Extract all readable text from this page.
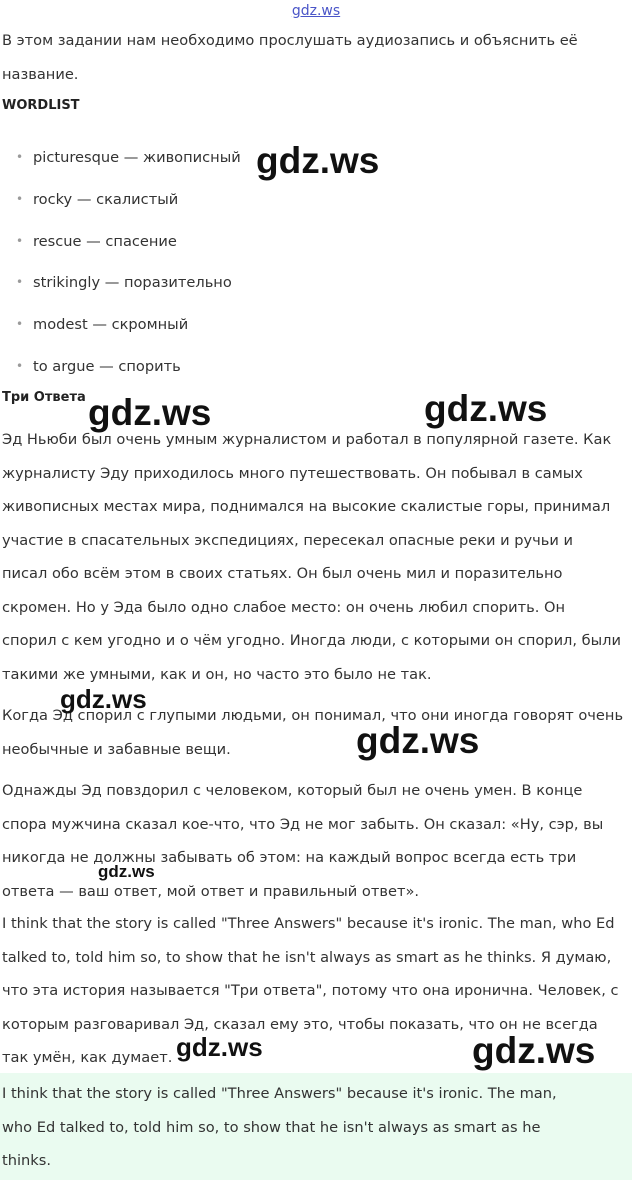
gdz.ws

В этом задании нам необходимо прослушать аудиозапись и объяснить её
название.

WORDLIST
• picturesque — живописный
• rocky — скалистый
• rescue — спасение
• strikingly — поразительно
• modest — скромный
• to argue — спорить
Три Ответа

Эд Ньюби был очень умным журналистом и работал в популярной газете. Как
журналисту Эду приходилось много путешествовать. Он побывал в самых
живописных местах мира, поднимался на высокие скалистые горы, принимал
участие в спасательных экспедициях, пересекал опасные реки и ручьи и
писал обо всём этом в своих статьях. Он был очень мил и поразительно
скромен. Но у Эда было одно слабое место: он очень любил спорить. Он
спорил с кем угодно и о чём угодно. Иногда люди, с которыми он спорил, были
такими же умными, как и он, но часто это было не так.

Когда Эд спорил с глупыми людьми, он понимал, что они иногда говорят очень
необычные и забавные вещи.

Однажды Эд повздорил с человеком, который был не очень умен. В конце
спора мужчина сказал кое-что, что Эд не мог забыть. Он сказал: «Ну, сэр, вы
никогда не должны забывать об этом: на каждый вопрос всегда есть три
ответа — ваш ответ, мой ответ и правильный ответ».

I think that the story is called "Three Answers" because it's ironic. The man, who Ed
talked to, told him so, to show that he isn't always as smart as he thinks. Я думаю,
что эта история называется "Три ответа", потому что она иронична. Человек, с
которым разговаривал Эд, сказал ему это, чтобы показать, что он не всегда
так умён, как думает.

I think that the story is called "Three Answers" because it's ironic. The man,
who Ed talked to, told him so, to show that he isn't always as smart as he
thinks.

gdz.ws
gdz.ws	gdz.ws
gdz.ws
gdz.ws
gdz.ws
gdz.ws	gdz.ws
